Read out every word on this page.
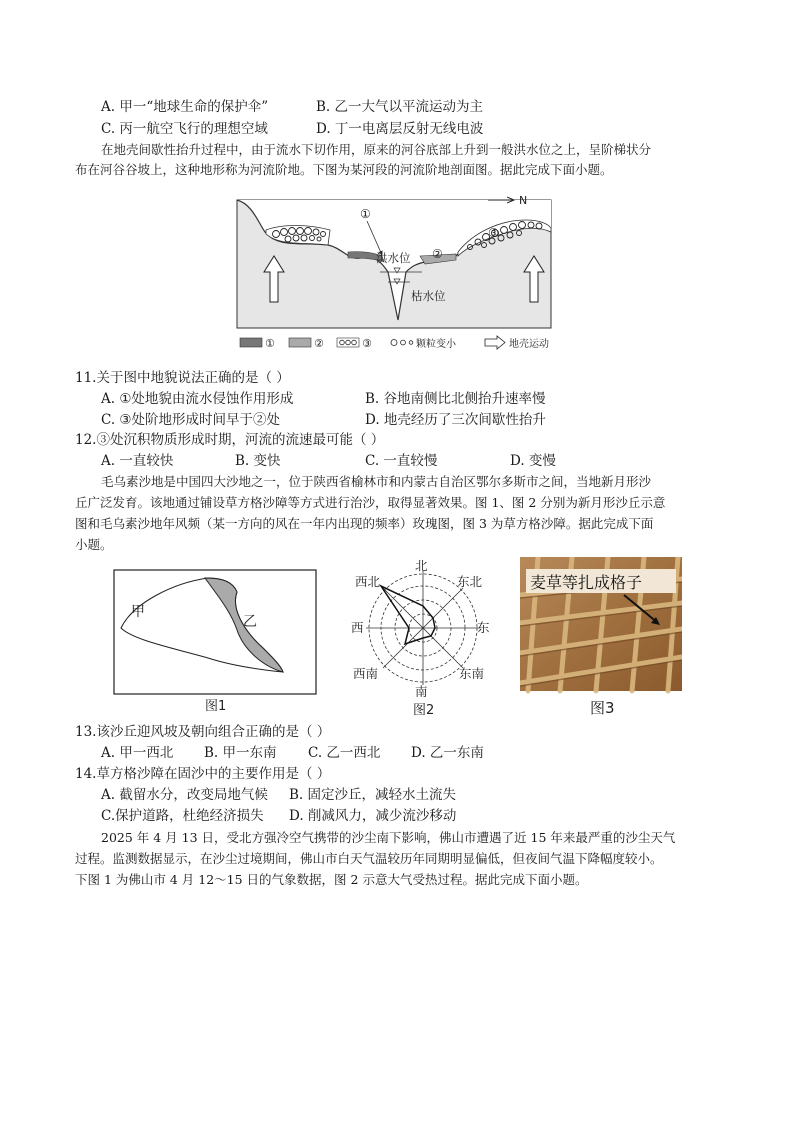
A. 甲一“地球生命的保护伞”	B. 乙一大气以平流运动为主
C. 丙一航空飞行的理想空域	D. 丁一电离层反射无线电波
在地壳间歇性抬升过程中，由于流水下切作用，原来的河谷底部上升到一般洪水位之上，呈阶梯状分
布在河谷谷坡上，这种地形称为河流阶地。下图为某河段的河流阶地剖面图。据此完成下面小题。
N
①
②
③
洪水位
枯水位
①	②	③	颗粒变小	地壳运动
11.关于图中地貌说法正确的是（ ）
A. ①处地貌由流水侵蚀作用形成	B. 谷地南侧比北侧抬升速率慢
C. ③处阶地形成时间早于②处	D. 地壳经历了三次间歇性抬升
12.③处沉积物质形成时期，河流的流速最可能（ ）
A. 一直较快	B. 变快	C. 一直较慢	D. 变慢
毛乌素沙地是中国四大沙地之一，位于陕西省榆林市和内蒙古自治区鄂尔多斯市之间，当地新月形沙
丘广泛发育。该地通过铺设草方格沙障等方式进行治沙，取得显著效果。图 1、图 2 分别为新月形沙丘示意
图和毛乌素沙地年风频（某一方向的风在一年内出现的频率）玫瑰图，图 3 为草方格沙障。据此完成下面
小题。
甲
乙
图1
北
东北
东
东南
南
西南
西
西北
图2
麦草等扎成格子
图3
13.该沙丘迎风坡及朝向组合正确的是（ ）
A. 甲一西北 B. 甲一东南 C. 乙一西北 D. 乙一东南
14.草方格沙障在固沙中的主要作用是（ ）
A. 截留水分，改变局地气候 B. 固定沙丘，减轻水土流失
C.保护道路，杜绝经济损失 D. 削减风力，减少流沙移动
2025 年 4 月 13 日，受北方强冷空气携带的沙尘南下影响，佛山市遭遇了近 15 年来最严重的沙尘天气
过程。监测数据显示，在沙尘过境期间，佛山市白天气温较历年同期明显偏低，但夜间气温下降幅度较小。
下图 1 为佛山市 4 月 12～15 日的气象数据，图 2 示意大气受热过程。据此完成下面小题。
